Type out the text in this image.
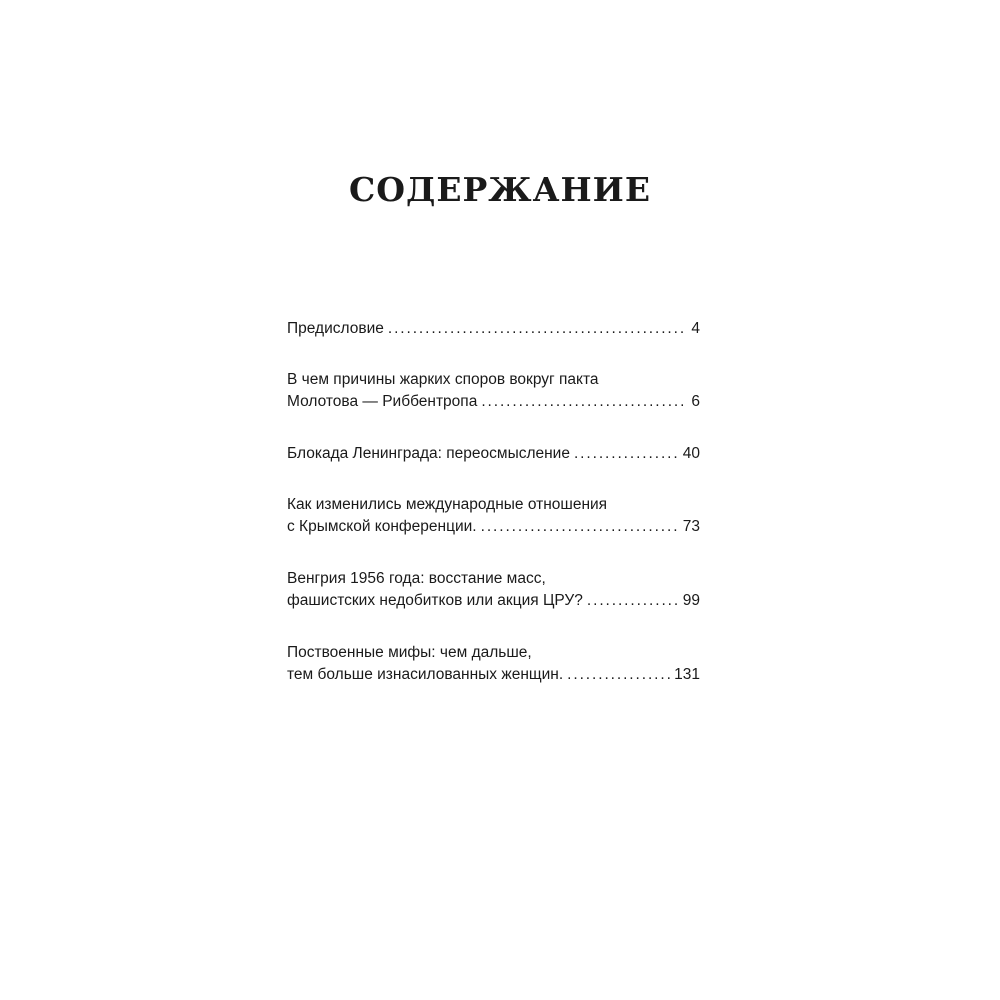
СОДЕРЖАНИЕ
Предисловие . . .	4
В чем причины жарких споров вокруг пакта
Молотова — Риббентропа . . .	6
Блокада Ленинграда: переосмысление . . .	40
Как изменились международные отношения
с Крымской конференции. . . .	73
Венгрия 1956 года: восстание масс,
фашистских недобитков или акция ЦРУ? . . .	99
Поствоенные мифы: чем дальше,
тем больше изнасилованных женщин. . . .	131
